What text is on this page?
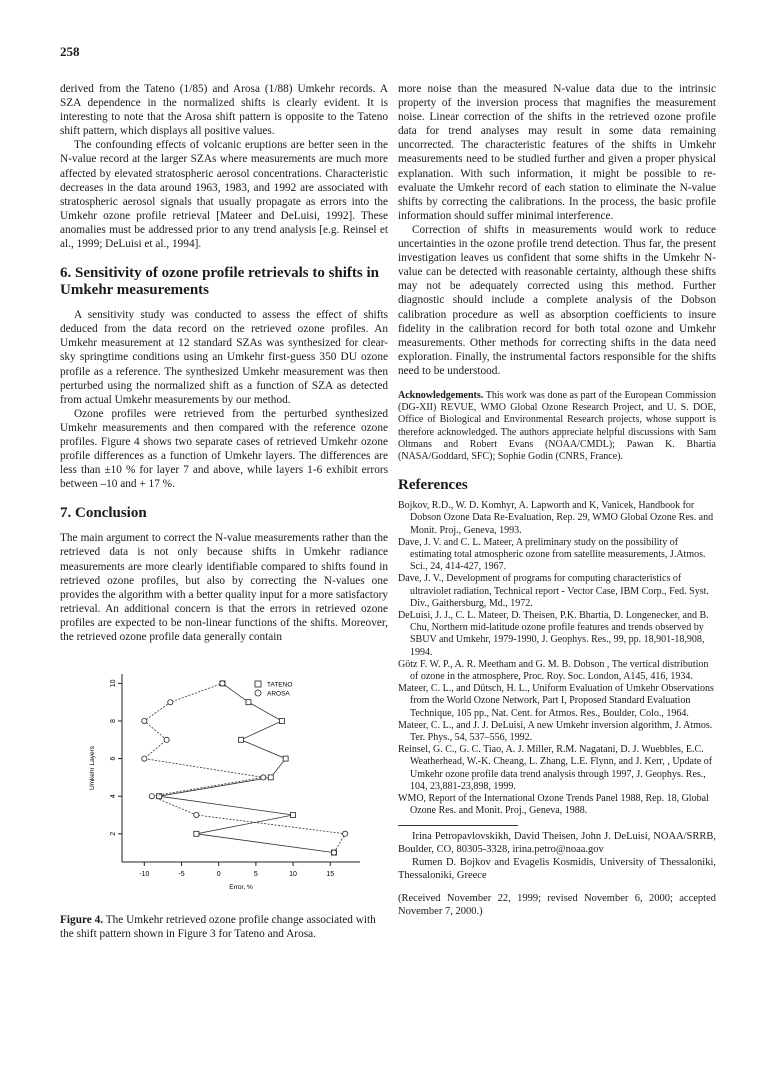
258

derived from the Tateno (1/85) and Arosa (1/88) Umkehr records. A SZA dependence in the normalized shifts is clearly evident. It is interesting to note that the Arosa shift pattern is opposite to the Tateno shift pattern, which displays all positive values.

The confounding effects of volcanic eruptions are better seen in the N-value record at the larger SZAs where measurements are much more affected by elevated stratospheric aerosol concentrations. Characteristic decreases in the data around 1963, 1983, and 1992 are associated with stratospheric aerosol signals that usually propagate as errors into the Umkehr ozone profile retrieval [Mateer and DeLuisi, 1992]. These anomalies must be addressed prior to any trend analysis [e.g. Reinsel et al., 1999; DeLuisi et al., 1994].

6. Sensitivity of ozone profile retrievals to shifts in Umkehr measurements

A sensitivity study was conducted to assess the effect of shifts deduced from the data record on the retrieved ozone profiles. An Umkehr measurement at 12 standard SZAs was synthesized for clear-sky springtime conditions using an Umkehr first-guess 350 DU ozone profile as a reference. The synthesized Umkehr measurement was then perturbed using the normalized shift as a function of SZA as detected from actual Umkehr measurements by our method.

Ozone profiles were retrieved from the perturbed synthesized Umkehr measurements and then compared with the reference ozone profiles. Figure 4 shows two separate cases of retrieved Umkehr ozone profile differences as a function of Umkehr layers. The differences are less than ±10 % for layer 7 and above, while layers 1-6 exhibit errors between –10 and + 17 %.

7. Conclusion

The main argument to correct the N-value measurements rather than the retrieved data is not only because shifts in Umkehr radiance measurements are more clearly identifiable compared to shifts found in retrieved ozone profiles, but also by correcting the N-values one provides the algorithm with a better quality input for a more satisfactory retrieval. An additional concern is that the errors in retrieved ozone profiles are expected to be non-linear functions of the shifts. Moreover, the retrieved ozone profile data generally contain

-10	-5	0	5	10	15
2
4
6
8
10
Error, %
Umkehr Layers
TATENO
AROSA

Figure 4. The Umkehr retrieved ozone profile change associated with the shift pattern shown in Figure 3 for Tateno and Arosa.

more noise than the measured N-value data due to the intrinsic property of the inversion process that magnifies the measurement noise. Linear correction of the shifts in the retrieved ozone profile data for trend analyses may result in some data remaining uncorrected. The characteristic features of the shifts in Umkehr measurements need to be studied further and given a proper physical explanation. With such information, it might be possible to re-evaluate the Umkehr record of each station to eliminate the N-value shifts by correcting the calibrations. In the process, the basic profile information should suffer minimal interference.

Correction of shifts in measurements would work to reduce uncertainties in the ozone profile trend detection. Thus far, the present investigation leaves us confident that some shifts in the Umkehr N-value can be detected with reasonable certainty, although these shifts may not be adequately corrected using this method. Further diagnostic should include a complete analysis of the Dobson calibration procedure as well as absorption coefficients to insure fidelity in the calibration record for both total ozone and Umkehr measurements. Other methods for correcting shifts in the data need exploration. Finally, the instrumental factors responsible for the shifts need to be understood.

Acknowledgements. This work was done as part of the European Commission (DG-XII) REVUE, WMO Global Ozone Research Project, and U. S. DOE, Office of Biological and Environmental Research projects, whose support is therefore acknowledged. The authors appreciate helpful discussions with Sam Oltmans and Robert Evans (NOAA/CMDL); Pawan K. Bhartia (NASA/Goddard, SFC); Sophie Godin (CNRS, France).

References

Bojkov, R.D., W. D. Komhyr, A. Lapworth and K, Vanicek, Handbook for Dobson Ozone Data Re-Evaluation, Rep. 29, WMO Global Ozone Res. and Monit. Proj., Geneva, 1993.

Dave, J. V. and C. L. Mateer, A preliminary study on the possibility of estimating total atmospheric ozone from satellite measurements, J.Atmos. Sci., 24, 414-427, 1967.

Dave, J. V., Development of programs for computing characteristics of ultraviolet radiation, Technical report - Vector Case, IBM Corp., Fed. Syst. Div., Gaithersburg, Md., 1972.

DeLuisi, J. J., C. L. Mateer, D. Theisen, P.K. Bhartia, D. Longenecker, and B. Chu, Northern mid-latitude ozone profile features and trends observed by SBUV and Umkehr, 1979-1990, J. Geophys. Res., 99, pp. 18,901-18,908, 1994.

Götz F. W. P., A. R. Meetham and G. M. B. Dobson , The vertical distribution of ozone in the atmosphere, Proc. Roy. Soc. London, A145, 416, 1934.

Mateer, C. L., and Dütsch, H. L., Uniform Evaluation of Umkehr Observations from the World Ozone Network, Part I, Proposed Standard Evaluation Technique, 105 pp., Nat. Cent. for Atmos. Res., Boulder, Colo., 1964.

Mateer, C. L., and J. J. DeLuisi, A new Umkehr inversion algorithm, J. Atmos. Ter. Phys., 54, 537–556, 1992.

Reinsel, G. C., G. C. Tiao, A. J. Miller, R.M. Nagatani, D. J. Wuebbles, E.C. Weatherhead, W.-K. Cheang, L. Zhang, L.E. Flynn, and J. Kerr, , Update of Umkehr ozone profile data trend analysis through 1997, J. Geophys. Res., 104, 23,881-23,898, 1999.

WMO, Report of the International Ozone Trends Panel 1988, Rep. 18, Global Ozone Res. and Monit. Proj., Geneva, 1988.

Irina Petropavlovskikh, David Theisen, John J. DeLuisi, NOAA/SRRB, Boulder, CO, 80305-3328, irina.petro@noaa.gov

Rumen D. Bojkov and Evagelis Kosmidis, University of Thessaloniki, Thessaloniki, Greece

(Received November 22, 1999; revised November 6, 2000; accepted November 7, 2000.)
